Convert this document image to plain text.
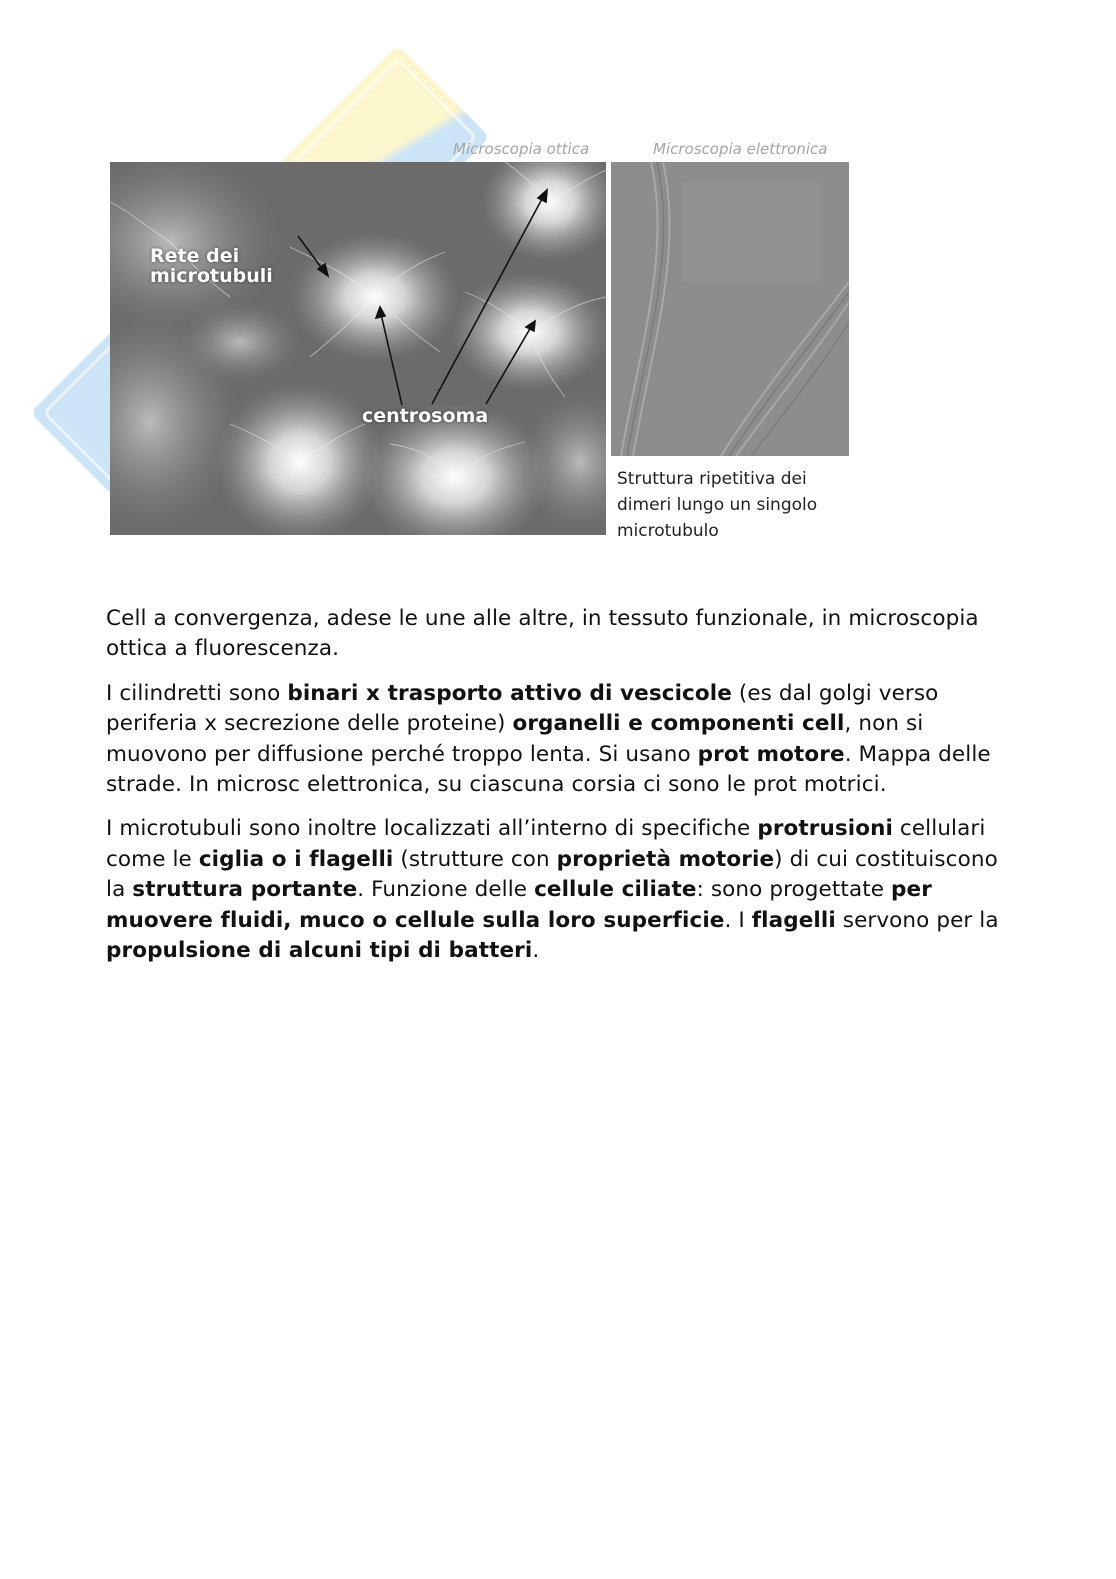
Microscopia ottica	Microscopia elettronica
Rete dei microtubuli
centrosoma
Struttura ripetitiva dei dimeri lungo un singolo microtubulo

Cell a convergenza, adese le une alle altre, in tessuto funzionale, in microscopia ottica a fluorescenza.

I cilindretti sono binari x trasporto attivo di vescicole (es dal golgi verso periferia x secrezione delle proteine) organelli e componenti cell, non si muovono per diffusione perché troppo lenta. Si usano prot motore. Mappa delle strade. In microsc elettronica, su ciascuna corsia ci sono le prot motrici.

I microtubuli sono inoltre localizzati all’interno di specifiche protrusioni cellulari come le ciglia o i flagelli (strutture con proprietà motorie) di cui costituiscono la struttura portante. Funzione delle cellule ciliate: sono progettate per muovere fluidi, muco o cellule sulla loro superficie. I flagelli servono per la propulsione di alcuni tipi di batteri.
